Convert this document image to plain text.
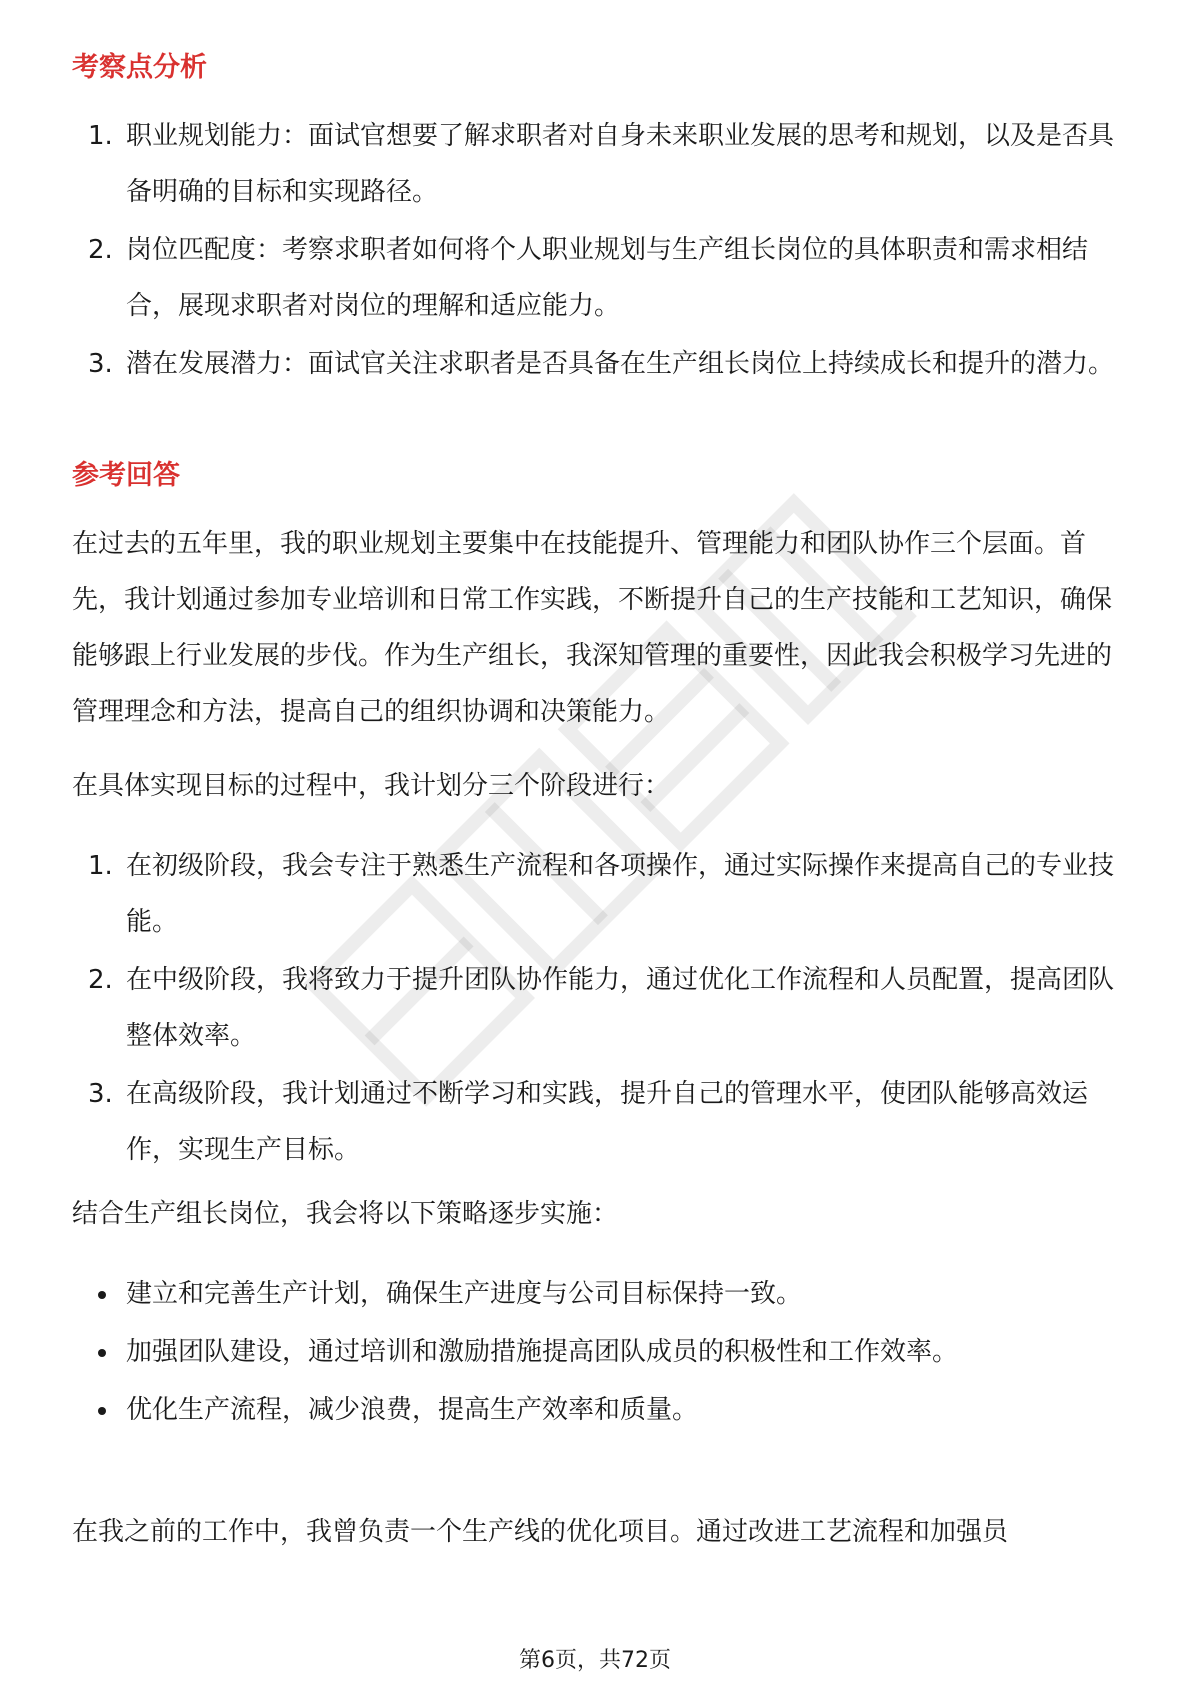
考察点分析
1. 职业规划能力：面试官想要了解求职者对自身未来职业发展的思考和规划，以及是否具备明确的目标和实现路径。
2. 岗位匹配度：考察求职者如何将个人职业规划与生产组长岗位的具体职责和需求相结合，展现求职者对岗位的理解和适应能力。
3. 潜在发展潜力：面试官关注求职者是否具备在生产组长岗位上持续成长和提升的潜力。
参考回答

在过去的五年里，我的职业规划主要集中在技能提升、管理能力和团队协作三个层面。首先，我计划通过参加专业培训和日常工作实践，不断提升自己的生产技能和工艺知识，确保能够跟上行业发展的步伐。作为生产组长，我深知管理的重要性，因此我会积极学习先进的管理理念和方法，提高自己的组织协调和决策能力。

在具体实现目标的过程中，我计划分三个阶段进行：

1. 在初级阶段，我会专注于熟悉生产流程和各项操作，通过实际操作来提高自己的专业技能。
2. 在中级阶段，我将致力于提升团队协作能力，通过优化工作流程和人员配置，提高团队整体效率。
3. 在高级阶段，我计划通过不断学习和实践，提升自己的管理水平，使团队能够高效运作，实现生产目标。

结合生产组长岗位，我会将以下策略逐步实施：

建立和完善生产计划，确保生产进度与公司目标保持一致。
加强团队建设，通过培训和激励措施提高团队成员的积极性和工作效率。
优化生产流程，减少浪费，提高生产效率和质量。

在我之前的工作中，我曾负责一个生产线的优化项目。通过改进工艺流程和加强员

第6页，共72页
